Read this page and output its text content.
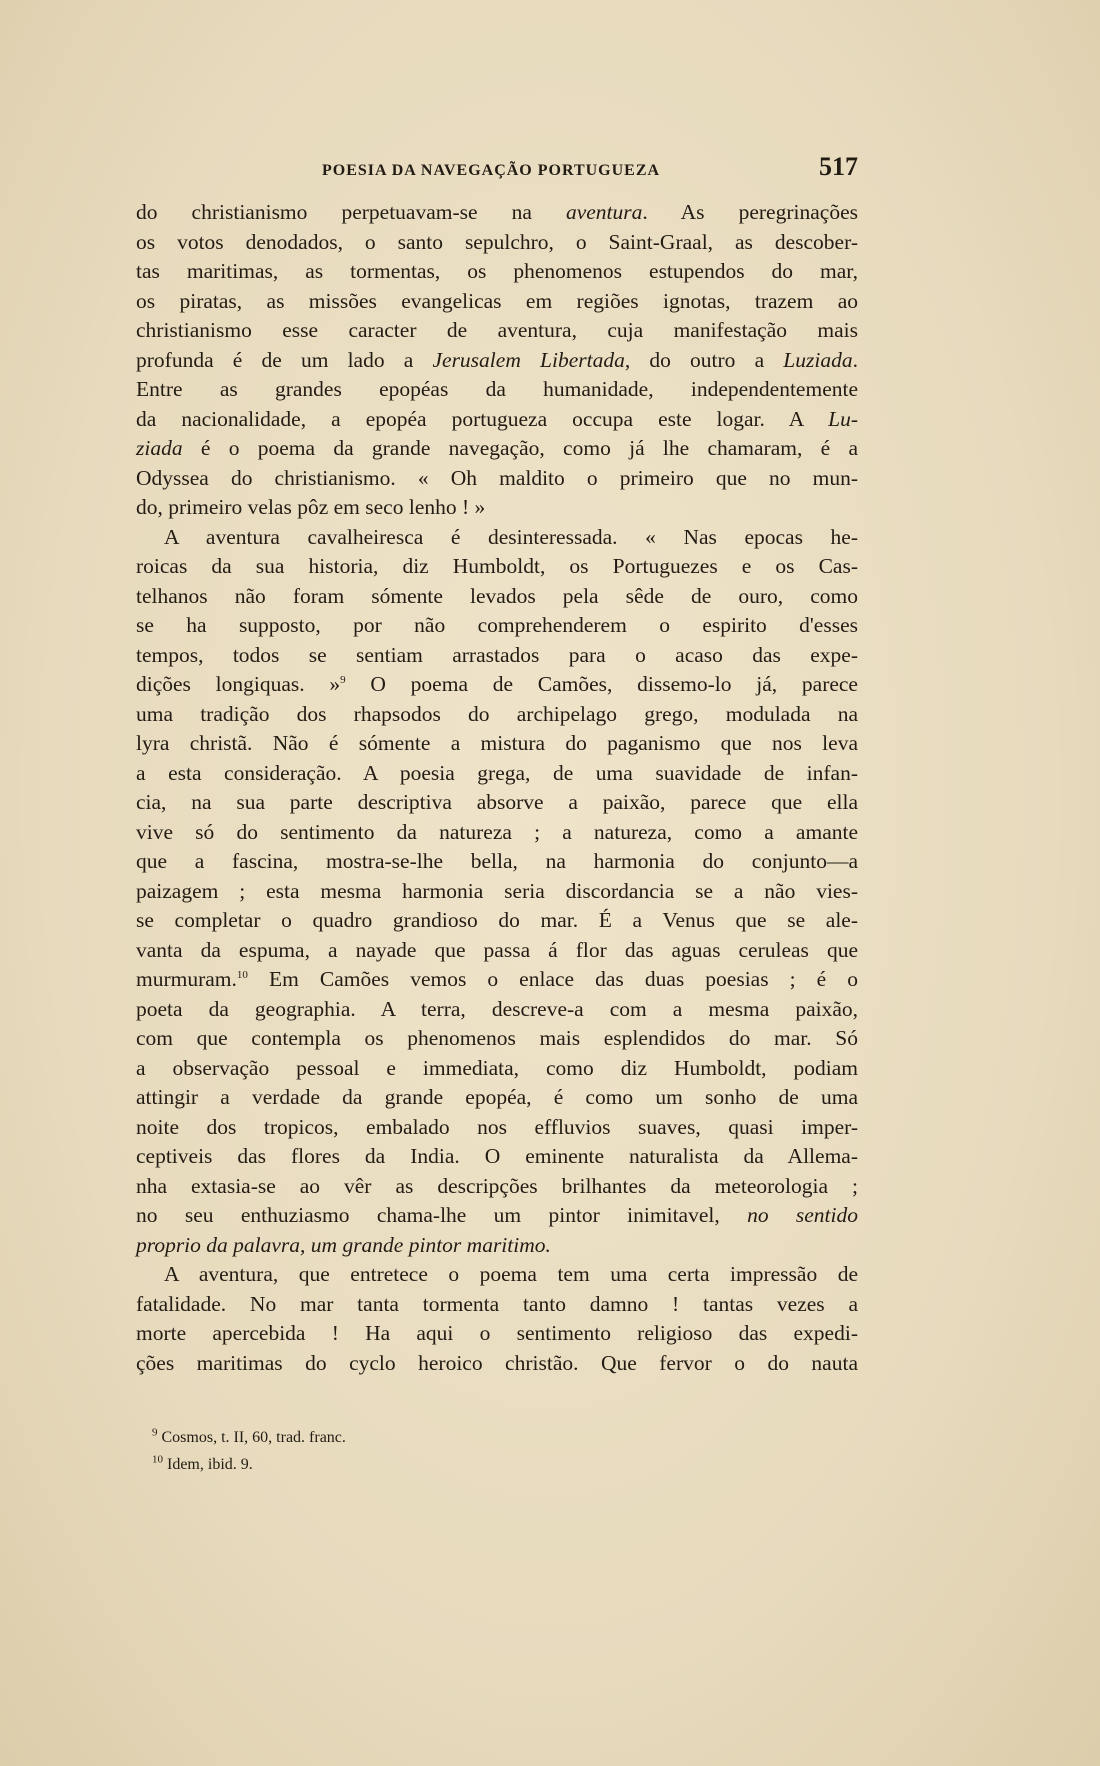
POESIA DA NAVEGAÇÃO PORTUGUEZA	517
do christianismo perpetuavam-se na aventura. As peregrinações
os votos denodados, o santo sepulchro, o Saint-Graal, as descober-
tas maritimas, as tormentas, os phenomenos estupendos do mar,
os piratas, as missões evangelicas em regiões ignotas, trazem ao
christianismo esse caracter de aventura, cuja manifestação mais
profunda é de um lado a Jerusalem Libertada, do outro a Luziada.
Entre as grandes epopéas da humanidade, independentemente
da nacionalidade, a epopéa portugueza occupa este logar. A Lu-
ziada é o poema da grande navegação, como já lhe chamaram, é a
Odyssea do christianismo. « Oh maldito o primeiro que no mun-
do, primeiro velas pôz em seco lenho ! »
A aventura cavalheiresca é desinteressada. « Nas epocas he-
roicas da sua historia, diz Humboldt, os Portuguezes e os Cas-
telhanos não foram sómente levados pela sêde de ouro, como
se ha supposto, por não comprehenderem o espirito d'esses
tempos, todos se sentiam arrastados para o acaso das expe-
dições longiquas. »$^9$ O poema de Camões, dissemo-lo já, parece
uma tradição dos rhapsodos do archipelago grego, modulada na
lyra christã. Não é sómente a mistura do paganismo que nos leva
a esta consideração. A poesia grega, de uma suavidade de infan-
cia, na sua parte descriptiva absorve a paixão, parece que ella
vive só do sentimento da natureza ; a natureza, como a amante
que a fascina, mostra-se-lhe bella, na harmonia do conjunto—a
paizagem ; esta mesma harmonia seria discordancia se a não vies-
se completar o quadro grandioso do mar. É a Venus que se ale-
vanta da espuma, a nayade que passa á flor das aguas ceruleas que
murmuram.$^{10}$ Em Camões vemos o enlace das duas poesias ; é o
poeta da geographia. A terra, descreve-a com a mesma paixão,
com que contempla os phenomenos mais esplendidos do mar. Só
a observação pessoal e immediata, como diz Humboldt, podiam
attingir a verdade da grande epopéa, é como um sonho de uma
noite dos tropicos, embalado nos effluvios suaves, quasi imper-
ceptiveis das flores da India. O eminente naturalista da Allema-
nha extasia-se ao vêr as descripções brilhantes da meteorologia ;
no seu enthuziasmo chama-lhe um pintor inimitavel, no sentido
proprio da palavra, um grande pintor maritimo.
A aventura, que entretece o poema tem uma certa impressão de
fatalidade. No mar tanta tormenta tanto damno ! tantas vezes a
morte apercebida ! Ha aqui o sentimento religioso das expedi-
ções maritimas do cyclo heroico christão. Que fervor o do nauta
$^9$ Cosmos, t. II, 60, trad. franc.
$^{10}$ Idem, ibid. 9.
